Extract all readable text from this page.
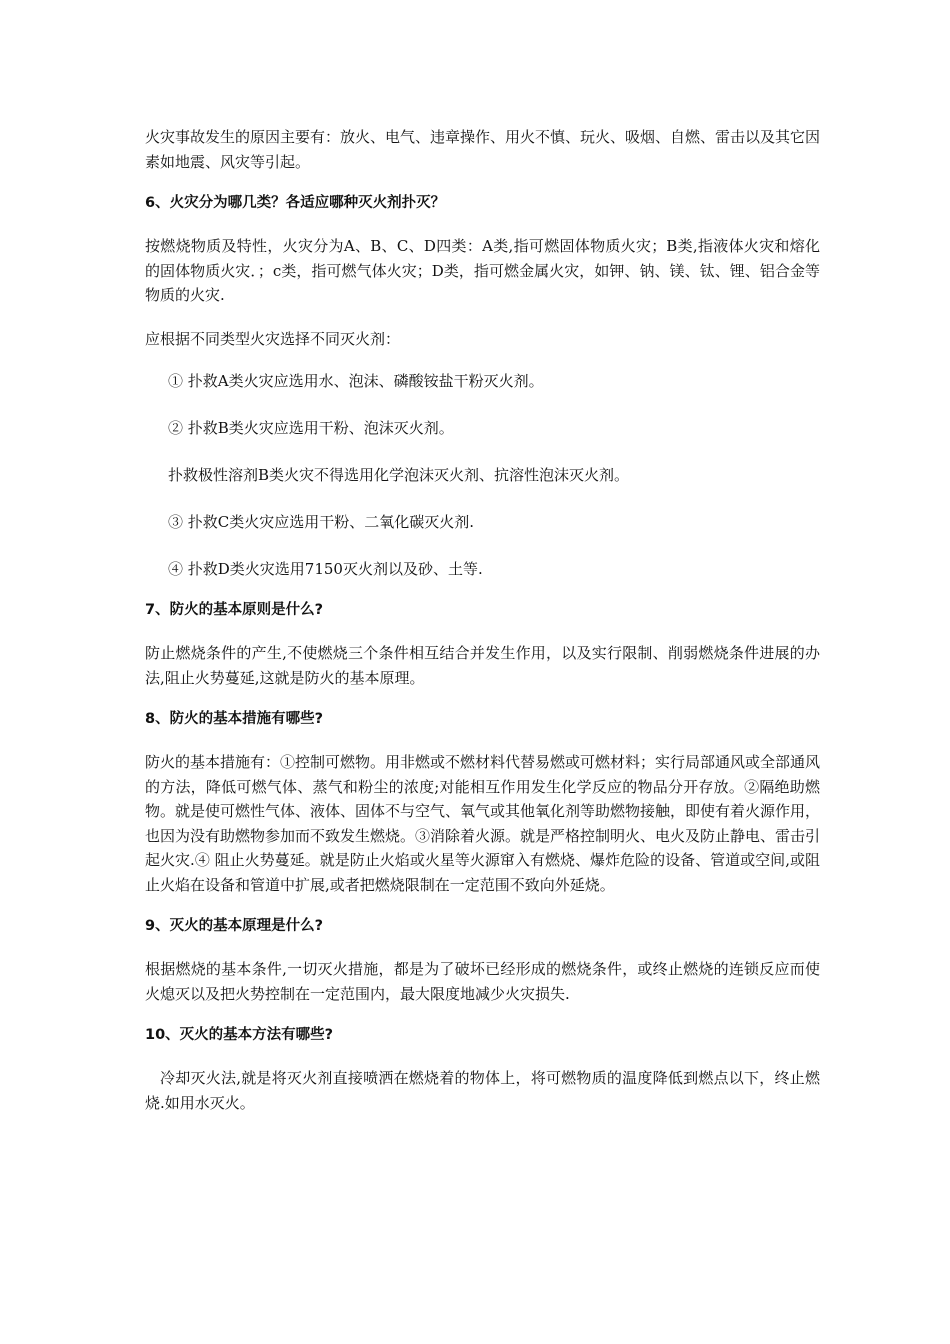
火灾事故发生的原因主要有：放火、电气、违章操作、用火不慎、玩火、吸烟、自燃、雷击以及其它因素如地震、风灾等引起。

6、火灾分为哪几类？各适应哪种灭火剂扑灭？

按燃烧物质及特性，火灾分为A、B、C、D四类：A类,指可燃固体物质火灾；B类,指液体火灾和熔化的固体物质火灾．；c类，指可燃气体火灾；D类，指可燃金属火灾，如钾、钠、镁、钛、锂、铝合金等物质的火灾.

应根据不同类型火灾选择不同灭火剂：

① 扑救A类火灾应选用水、泡沫、磷酸铵盐干粉灭火剂。
② 扑救B类火灾应选用干粉、泡沫灭火剂。
扑救极性溶剂B类火灾不得选用化学泡沫灭火剂、抗溶性泡沫灭火剂。
③ 扑救C类火灾应选用干粉、二氧化碳灭火剂.
④ 扑救D类火灾选用7150灭火剂以及砂、土等.
7、防火的基本原则是什么?

防止燃烧条件的产生,不使燃烧三个条件相互结合并发生作用，以及实行限制、削弱燃烧条件进展的办法,阻止火势蔓延,这就是防火的基本原理。

8、防火的基本措施有哪些?

防火的基本措施有：①控制可燃物。用非燃或不燃材料代替易燃或可燃材料；实行局部通风或全部通风的方法，降低可燃气体、蒸气和粉尘的浓度;对能相互作用发生化学反应的物品分开存放。②隔绝助燃物。就是使可燃性气体、液体、固体不与空气、氧气或其他氧化剂等助燃物接触，即使有着火源作用，也因为没有助燃物参加而不致发生燃烧。③消除着火源。就是严格控制明火、电火及防止静电、雷击引起火灾.④ 阻止火势蔓延。就是防止火焰或火星等火源窜入有燃烧、爆炸危险的设备、管道或空间,或阻止火焰在设备和管道中扩展,或者把燃烧限制在一定范围不致向外延烧。

9、灭火的基本原理是什么?

根据燃烧的基本条件,一切灭火措施，都是为了破坏已经形成的燃烧条件，或终止燃烧的连锁反应而使火熄灭以及把火势控制在一定范围内，最大限度地减少火灾损失.

10、灭火的基本方法有哪些?

冷却灭火法,就是将灭火剂直接喷洒在燃烧着的物体上，将可燃物质的温度降低到燃点以下，终止燃烧.如用水灭火。
